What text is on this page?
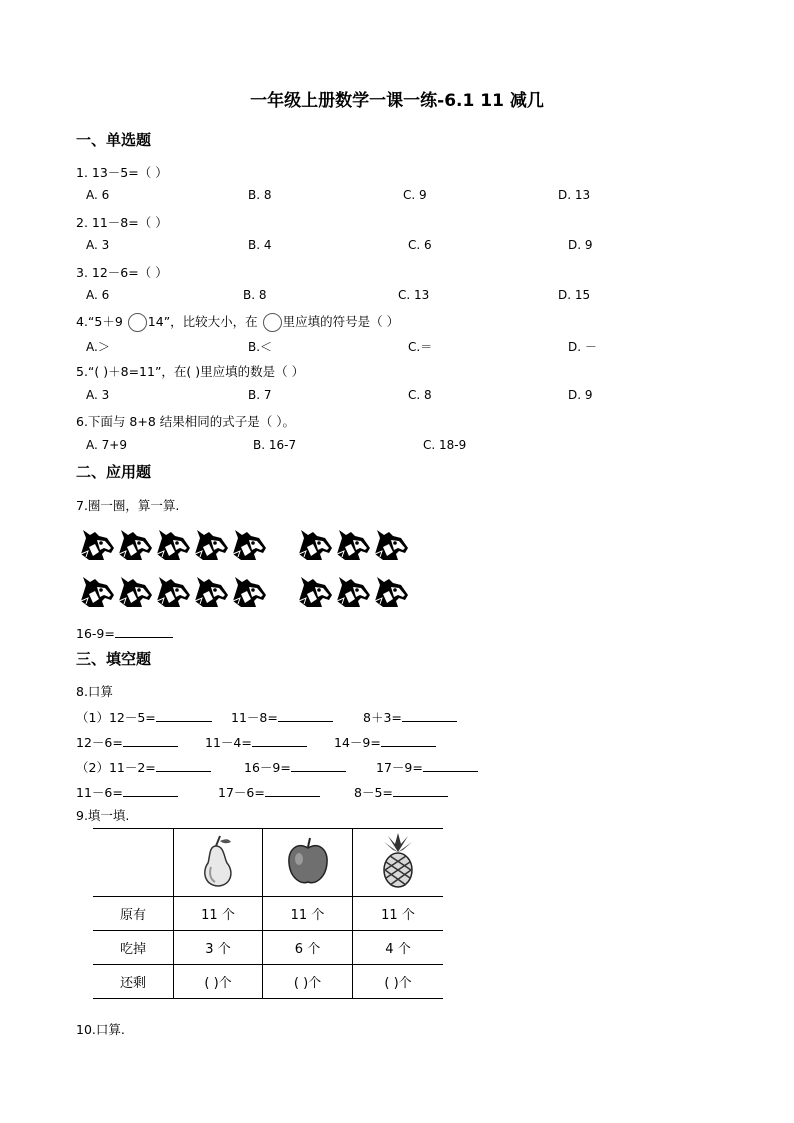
一年级上册数学一课一练-6.1 11 减几
一、单选题
1. 13－5=（ ）
A. 6	B. 8	C. 9	D. 13
2. 11－8=（ ）
A. 3	B. 4	C. 6	D. 9
3. 12－6=（ ）
A. 6	B. 8	C. 13	D. 15
4.“5＋9 14”，比较大小，在 里应填的符号是（ ）
A.＞	B.＜	C.＝	D. －
5.“( )＋8=11”，在( )里应填的数是（ ）
A. 3	B. 7	C. 8	D. 9
6.下面与 8+8 结果相同的式子是（ ）。
A. 7+9	B. 16-7	C. 18-9
二、应用题
7.圈一圈，算一算.
16-9=
三、填空题
8.口算
（1）12－5=	11－8=	8＋3=
12－6=	11－4=	14－9=
（2）11－2=	16－9=	17－9=
11－6=	17－6=	8－5=
9.填一填.

原有	11 个	11 个	11 个
吃掉	3 个	6 个	4 个
还剩	( )个	( )个	( )个
10.口算.
